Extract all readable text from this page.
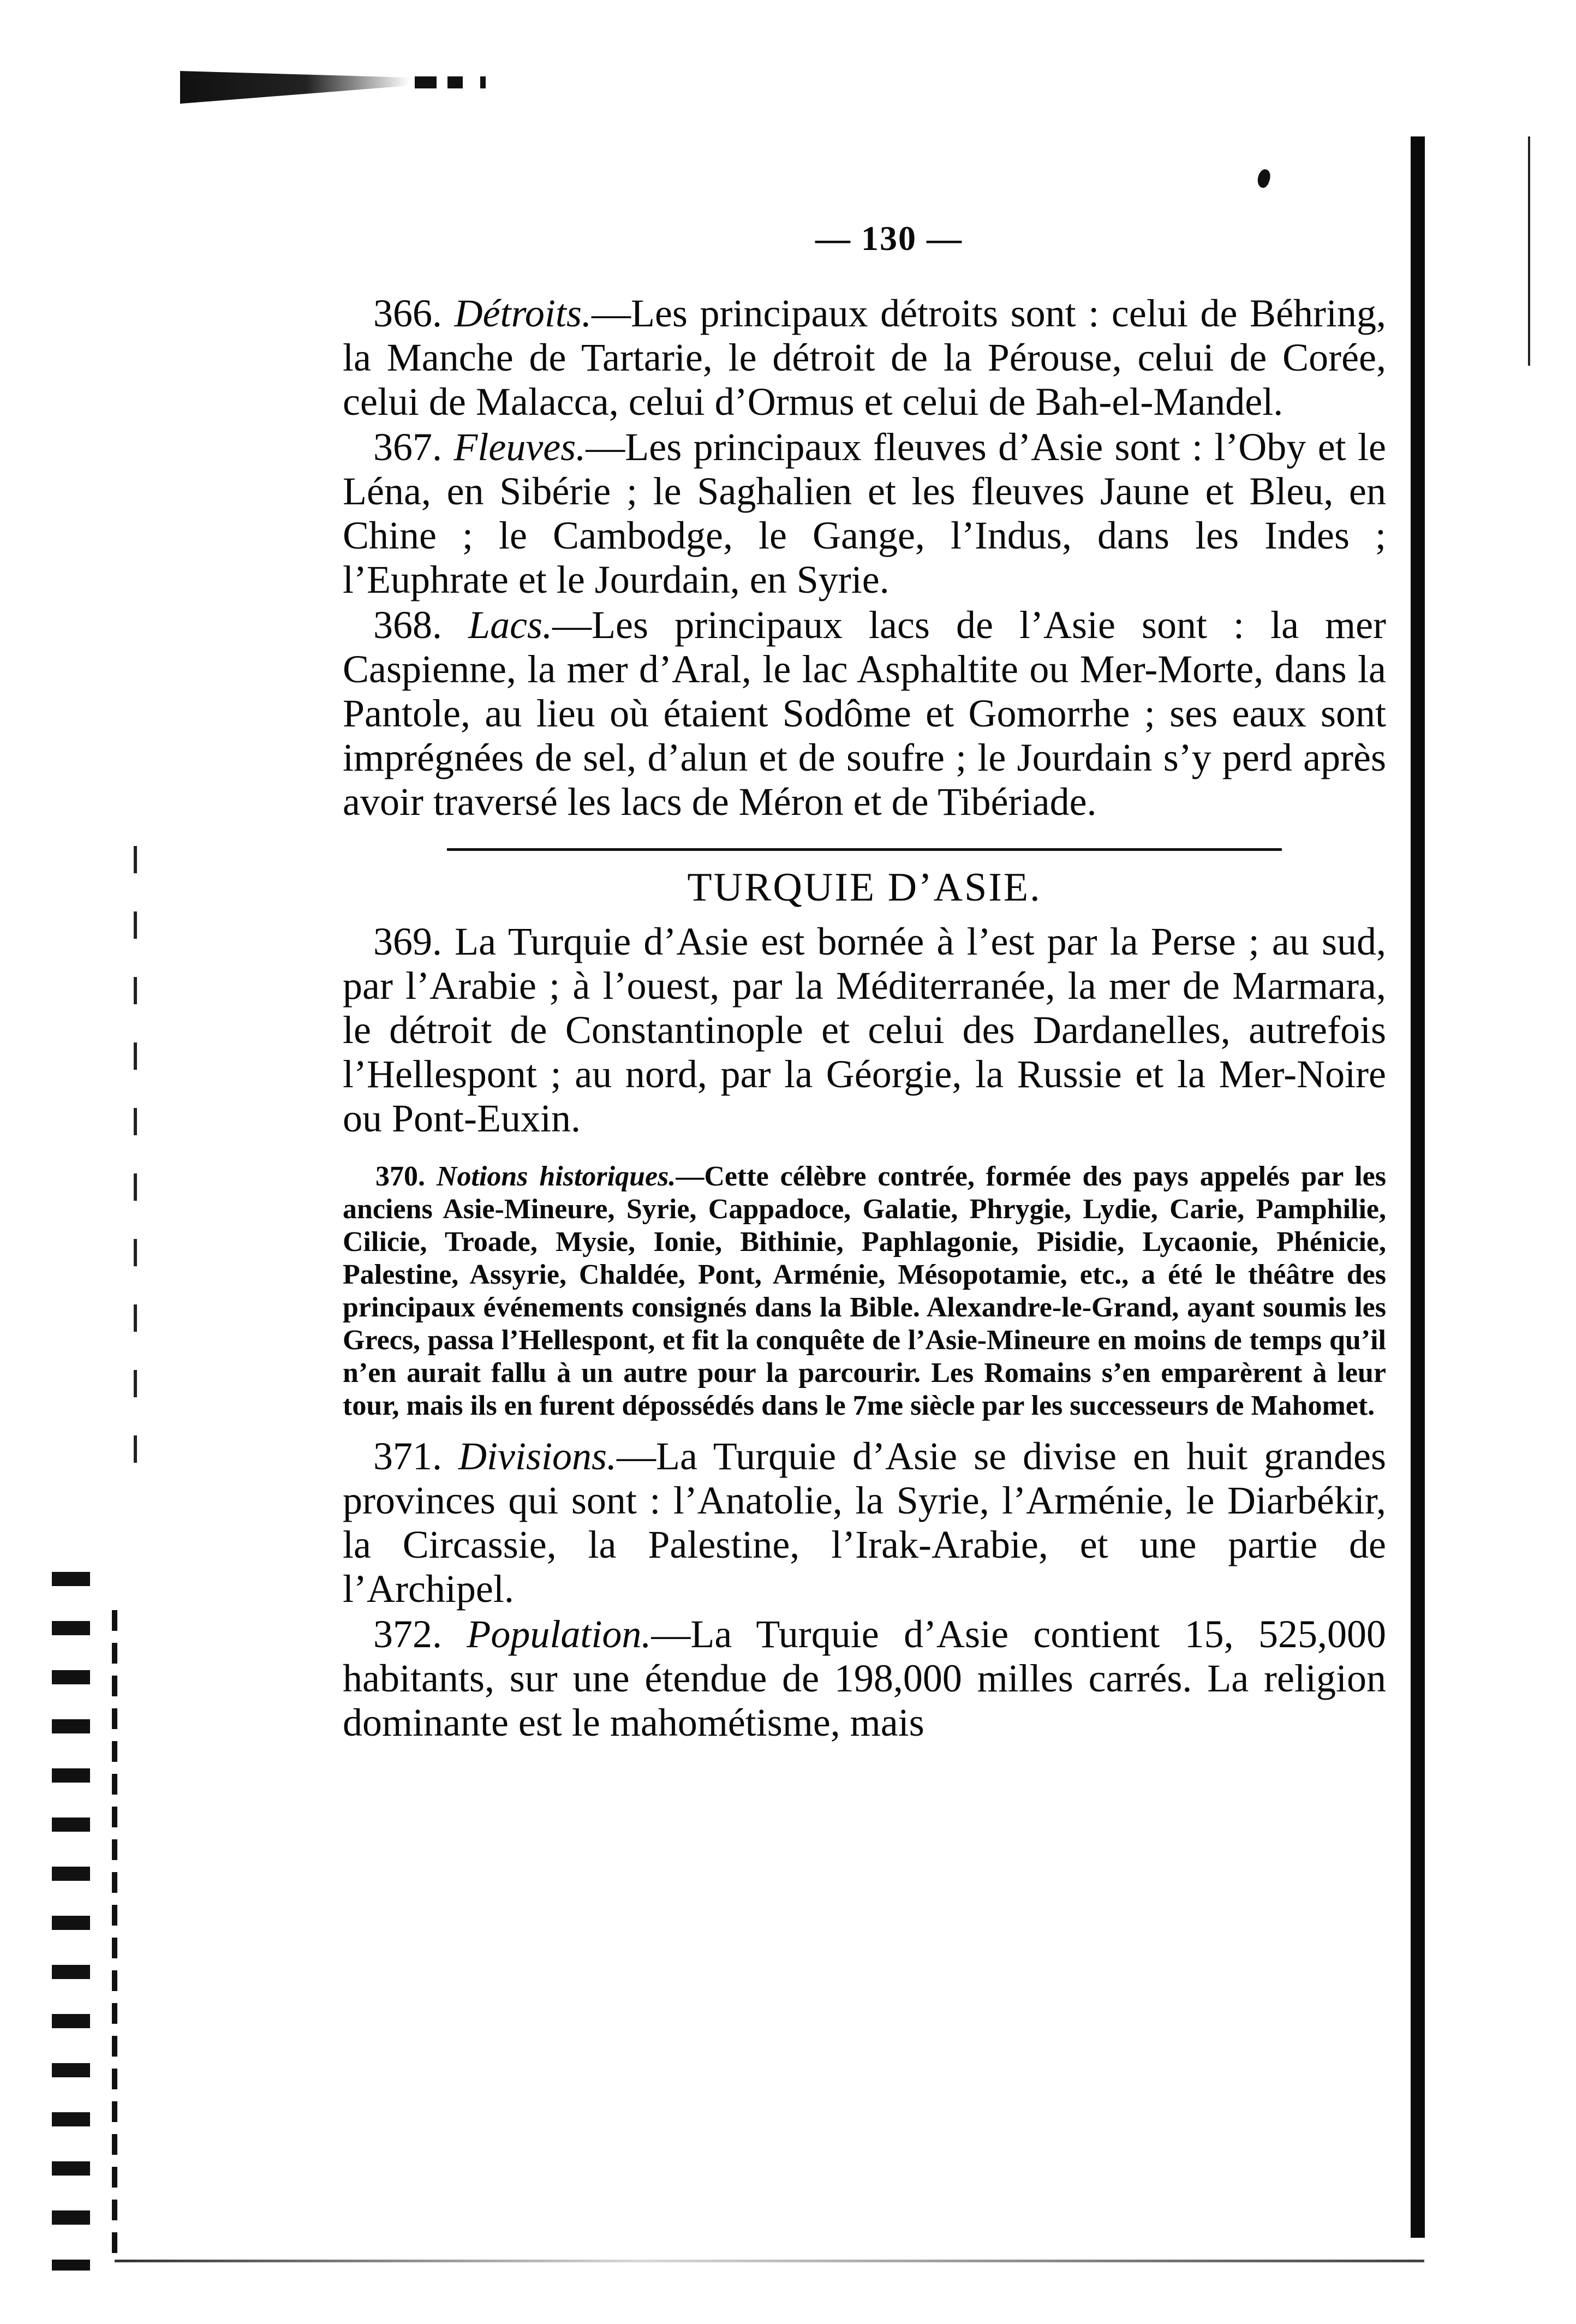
— 130 —

366. Détroits.—Les principaux détroits sont : celui de Béhring, la Manche de Tartarie, le détroit de la Pérouse, celui de Corée, celui de Malacca, celui d’Ormus et celui de Bah-el-Mandel.

367. Fleuves.—Les principaux fleuves d’Asie sont : l’Oby et le Léna, en Sibérie ; le Saghalien et les fleuves Jaune et Bleu, en Chine ; le Cambodge, le Gange, l’Indus, dans les Indes ; l’Euphrate et le Jourdain, en Syrie.

368. Lacs.—Les principaux lacs de l’Asie sont : la mer Caspienne, la mer d’Aral, le lac Asphaltite ou Mer-Morte, dans la Pantole, au lieu où étaient Sodôme et Gomorrhe ; ses eaux sont imprégnées de sel, d’alun et de soufre ; le Jourdain s’y perd après avoir traversé les lacs de Méron et de Tibériade.

TURQUIE D’ASIE.

369. La Turquie d’Asie est bornée à l’est par la Perse ; au sud, par l’Arabie ; à l’ouest, par la Méditerranée, la mer de Marmara, le détroit de Constantinople et celui des Dardanelles, autrefois l’Hellespont ; au nord, par la Géorgie, la Russie et la Mer-Noire ou Pont-Euxin.

370. Notions historiques.—Cette célèbre contrée, formée des pays appelés par les anciens Asie-Mineure, Syrie, Cappadoce, Galatie, Phrygie, Lydie, Carie, Pamphilie, Cilicie, Troade, Mysie, Ionie, Bithinie, Paphlagonie, Pisidie, Lycaonie, Phénicie, Palestine, Assyrie, Chaldée, Pont, Arménie, Mésopotamie, etc., a été le théâtre des principaux événements consignés dans la Bible. Alexandre-le-Grand, ayant soumis les Grecs, passa l’Hellespont, et fit la conquête de l’Asie-Mineure en moins de temps qu’il n’en aurait fallu à un autre pour la parcourir. Les Romains s’en emparèrent à leur tour, mais ils en furent dépossédés dans le 7me siècle par les successeurs de Mahomet.

371. Divisions.—La Turquie d’Asie se divise en huit grandes provinces qui sont : l’Anatolie, la Syrie, l’Arménie, le Diarbékir, la Circassie, la Palestine, l’Irak-Arabie, et une partie de l’Archipel.

372. Population.—La Turquie d’Asie contient 15, 525,000 habitants, sur une étendue de 198,000 milles carrés. La religion dominante est le mahométisme, mais
